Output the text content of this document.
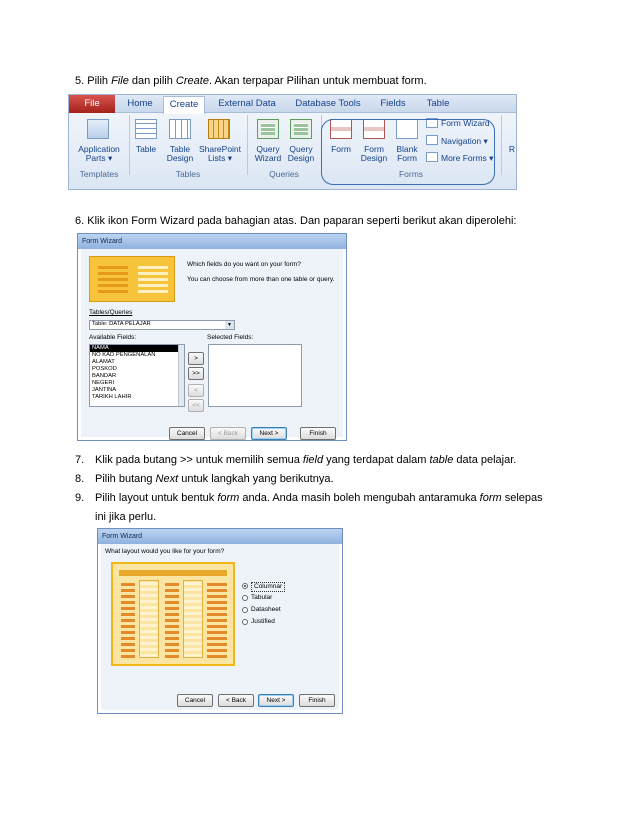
5. Pilih File dan pilih Create. Akan terpapar Pilihan untuk membuat form.
File	Home	Create	External Data	Database Tools	Fields	Table
Application
Parts ▾
Templates
Table	Table
Design
SharePoint
Lists ▾
Tables
Query
Wizard
Query
Design
Queries
Form	Form
Design
Blank
Form
Form Wizard
Navigation ▾
More Forms ▾
Forms
R
6. Klik ikon Form Wizard pada bahagian atas. Dan paparan seperti berikut akan diperolehi:
Form Wizard
Which fields do you want on your form?
You can choose from more than one table or query.
Tables/Queries
Table: DATA PELAJAR	▼
Available Fields:	Selected Fields:
NAMA
NO KAD PENGENALAN
ALAMAT
POSKOD
BANDAR
NEGERI
JANTINA
TARIKH LAHIR
>
>>
<
<<
Cancel	< Back	Next >	Finish
7. Klik pada butang >> untuk memilih semua field yang terdapat dalam table data pelajar.
8. Pilih butang Next untuk langkah yang berikutnya.
9. Pilih layout untuk bentuk form anda. Anda masih boleh mengubah antaramuka form selepas
ini jika perlu.
Form Wizard
What layout would you like for your form?
Columnar
Tabular
Datasheet
Justified
Cancel	< Back	Next >	Finish
